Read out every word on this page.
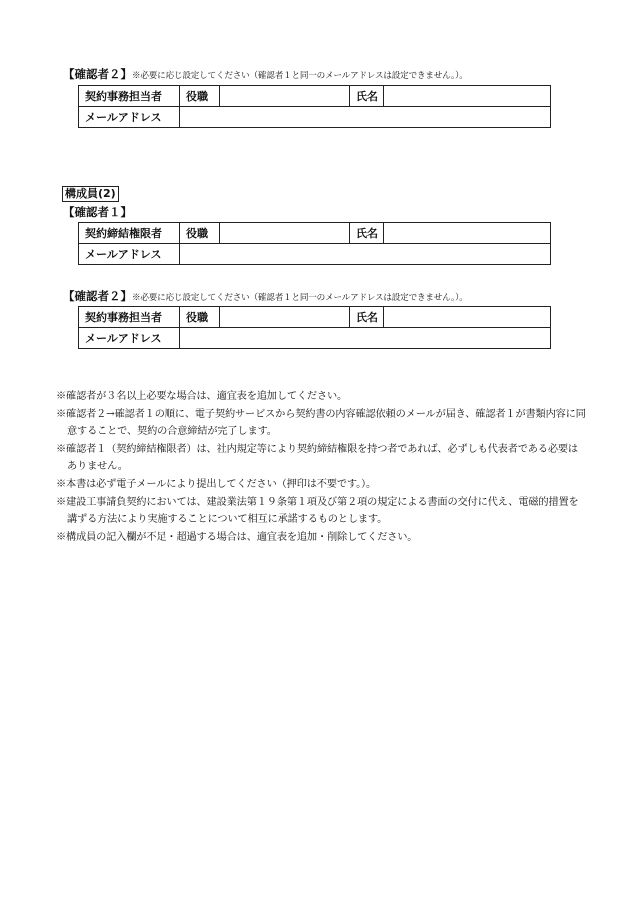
【確認者２】※必要に応じ設定してください（確認者１と同一のメールアドレスは設定できません。）。
契約事務担当者	役職		氏名	
メールアドレス				
構成員(2)
【確認者１】
契約締結権限者	役職		氏名	
メールアドレス				
【確認者２】※必要に応じ設定してください（確認者１と同一のメールアドレスは設定できません。）。
契約事務担当者	役職		氏名	
メールアドレス				
※確認者が３名以上必要な場合は、適宜表を追加してください。
※確認者２→確認者１の順に、電子契約サービスから契約書の内容確認依頼のメールが届き、確認者１が書類内容に同意することで、契約の合意締結が完了します。
※確認者１（契約締結権限者）は、社内規定等により契約締結権限を持つ者であれば、必ずしも代表者である必要はありません。
※本書は必ず電子メールにより提出してください（押印は不要です。）。
※建設工事請負契約においては、建設業法第１９条第１項及び第２項の規定による書面の交付に代え、電磁的措置を講ずる方法により実施することについて相互に承諾するものとします。
※構成員の記入欄が不足・超過する場合は、適宜表を追加・削除してください。
